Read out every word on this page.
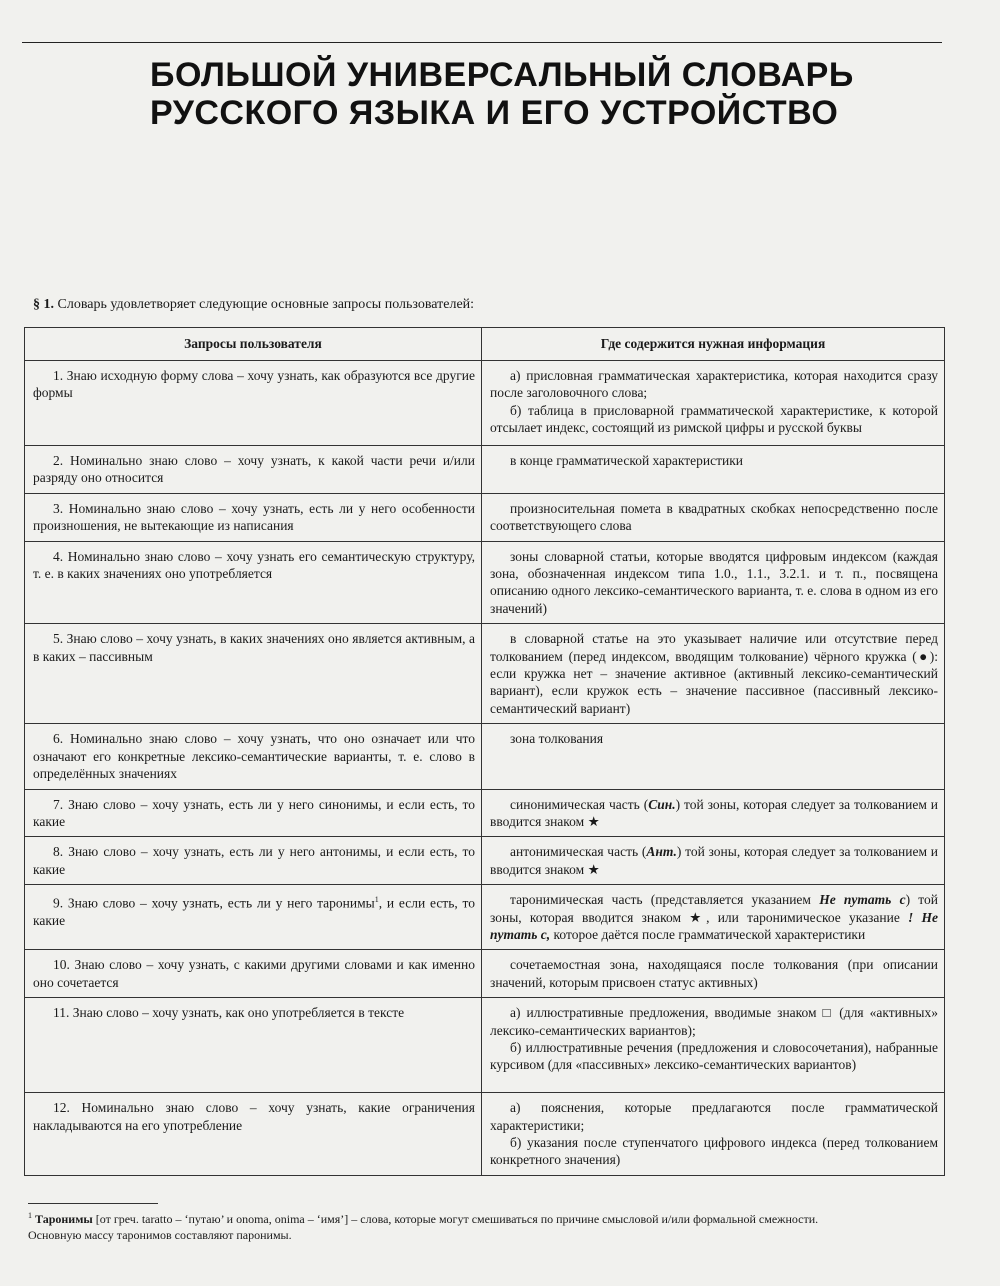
БОЛЬШОЙ УНИВЕРСАЛЬНЫЙ СЛОВАРЬ
РУССКОГО ЯЗЫКА И ЕГО УСТРОЙСТВО
§ 1. Словарь удовлетворяет следующие основные запросы пользователей:
Запросы пользователя	Где содержится нужная информация

1. Знаю исходную форму слова – хочу узнать, как образуются все другие формы	а) присловная грамматическая характеристика, которая находится сразу после заголовочного слова;
б) таблица в присловарной грамматической характеристике, к которой отсылает индекс, состоящий из римской цифры и русской буквы

2. Номинально знаю слово – хочу узнать, к какой части речи и/или разряду оно относится	в конце грамматической характеристики

3. Номинально знаю слово – хочу узнать, есть ли у него особенности произношения, не вытекающие из написания	произносительная помета в квадратных скобках непосредственно после соответствующего слова

4. Номинально знаю слово – хочу узнать его семантическую структуру, т. е. в каких значениях оно употребляется	зоны словарной статьи, которые вводятся цифровым индексом (каждая зона, обозначенная индексом типа 1.0., 1.1., 3.2.1. и т. п., посвящена описанию одного лексико-семантического варианта, т. е. слова в одном из его значений)

5. Знаю слово – хочу узнать, в каких значениях оно является активным, а в каких – пассивным	в словарной статье на это указывает наличие или отсутствие перед толкованием (перед индексом, вводящим толкование) чёрного кружка (●): если кружка нет – значение активное (активный лексико-семантический вариант), если кружок есть – значение пассивное (пассивный лексико-семантический вариант)

6. Номинально знаю слово – хочу узнать, что оно означает или что означают его конкретные лексико-семантические варианты, т. е. слово в определённых значениях	зона толкования

7. Знаю слово – хочу узнать, есть ли у него синонимы, и если есть, то какие	синонимическая часть (Син.) той зоны, которая следует за толкованием и вводится знаком ★

8. Знаю слово – хочу узнать, есть ли у него антонимы, и если есть, то какие	антонимическая часть (Ант.) той зоны, которая следует за толкованием и вводится знаком ★

9. Знаю слово – хочу узнать, есть ли у него таронимы$^1$, и если есть, то какие	таронимическая часть (представляется указанием Не путать с) той зоны, которая вводится знаком ★, или таронимическое указание ! Не путать с, которое даётся после грамматической характеристики

10. Знаю слово – хочу узнать, с какими другими словами и как именно оно сочетается	сочетаемостная зона, находящаяся после толкования (при описании значений, которым присвоен статус активных)

11. Знаю слово – хочу узнать, как оно употребляется в тексте	а) иллюстративные предложения, вводимые знаком □ (для «активных» лексико-семантических вариантов);
б) иллюстративные речения (предложения и словосочетания), набранные курсивом (для «пассивных» лексико-семантических вариантов)

12. Номинально знаю слово – хочу узнать, какие ограничения накладываются на его употребление	а) пояснения, которые предлагаются после грамматической характеристики;
б) указания после ступенчатого цифрового индекса (перед толкованием конкретного значения)

$^1$ Таронимы [от греч. taratto – ‘путаю’ и onoma, onima – ‘имя’] – слова, которые могут смешиваться по причине смысловой и/или формальной смежности.

Основную массу таронимов составляют паронимы.
